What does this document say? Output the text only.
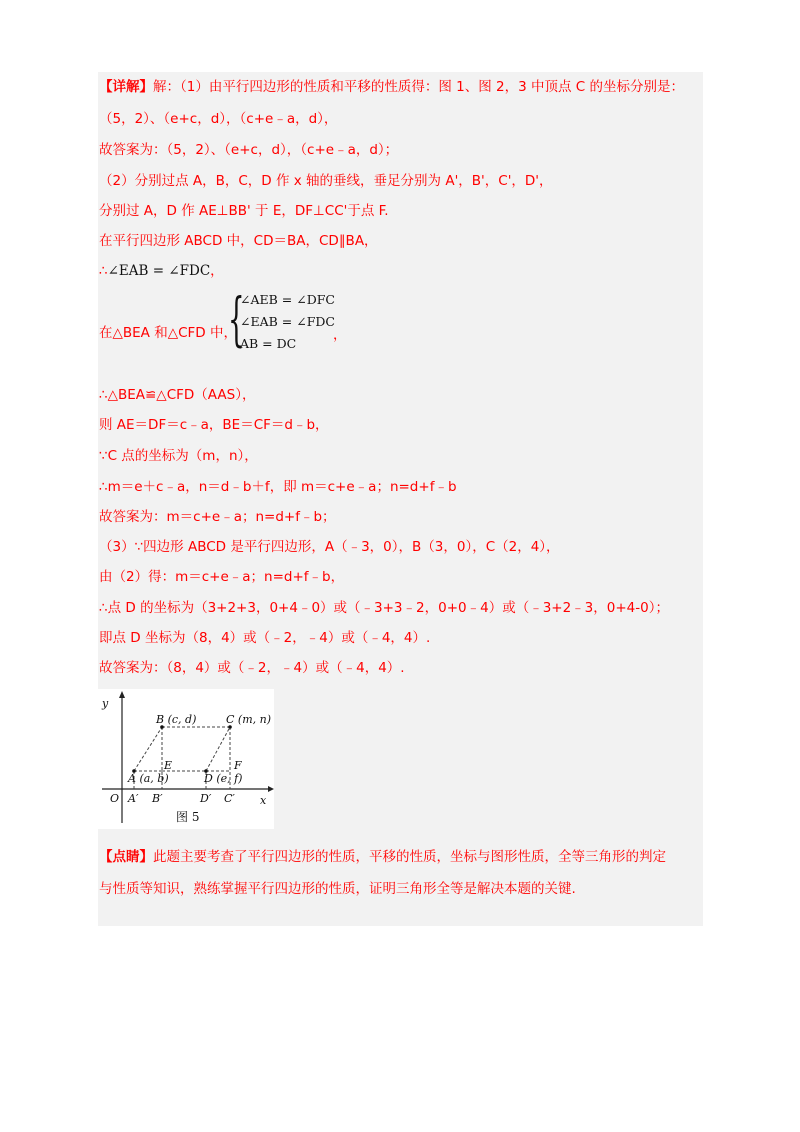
【详解】解：（1）由平行四边形的性质和平移的性质得：图 1、图 2，3 中顶点 C 的坐标分别是：
（5，2）、（e+c，d），（c+e﹣a，d），
故答案为：（5，2）、（e+c，d），（c+e﹣a，d）；
（2）分别过点 A，B，C，D 作 x 轴的垂线，垂足分别为 A'，B'，C'，D'，
分别过 A，D 作 AE⊥BB' 于 E，DF⊥CC'于点 F.
在平行四边形 ABCD 中，CD＝BA，CD∥BA，
∴∠EAB = ∠FDC，
在△BEA 和△CFD 中，
{
∠AEB = ∠DFC
∠EAB = ∠FDC
AB = DC
，
∴△BEA≌△CFD（AAS），
则 AE＝DF＝c﹣a，BE＝CF＝d﹣b，
∵C 点的坐标为（m，n），
∴m＝e＋c﹣a，n＝d﹣b＋f，即 m＝c+e﹣a；n=d+f﹣b
故答案为：m＝c+e﹣a；n=d+f﹣b；
（3）∵四边形 ABCD 是平行四边形，A（﹣3，0），B（3，0），C（2，4），
由（2）得：m＝c+e﹣a；n=d+f﹣b，
∴点 D 的坐标为（3+2+3，0+4﹣0）或（﹣3+3﹣2，0+0﹣4）或（﹣3+2﹣3，0+4-0）；
即点 D 坐标为（8，4）或（﹣2，﹣4）或（﹣4，4）.
故答案为：（8，4）或（﹣2，﹣4）或（﹣4，4）.
y
x
O
B (c, d)	C (m, n)
A (a, b)
E
D (e, f)
F
A′ B′	D′ C′
图 5
【点睛】此题主要考查了平行四边形的性质，平移的性质，坐标与图形性质，全等三角形的判定
与性质等知识，熟练掌握平行四边形的性质，证明三角形全等是解决本题的关键.
